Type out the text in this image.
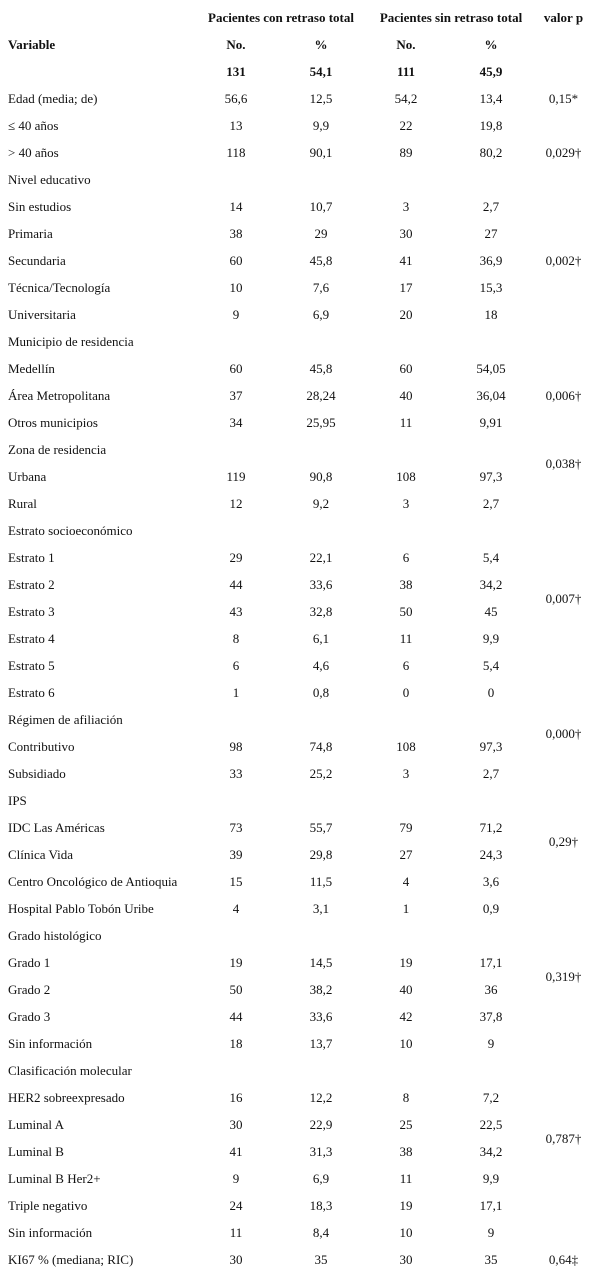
	Pacientes con retraso total		Pacientes sin retraso total		valor p
Variable	No.	%	No.	%	
	131	54,1	111	45,9	
Edad (media; de)	56,6	12,5	54,2	13,4	0,15*
≤ 40 años	13	9,9	22	19,8	
> 40 años	118	90,1	89	80,2	0,029†
Nivel educativo					
Sin estudios	14	10,7	3	2,7	
Primaria	38	29	30	27	
Secundaria	60	45,8	41	36,9	0,002†
Técnica/Tecnología	10	7,6	17	15,3	
Universitaria	9	6,9	20	18	
Municipio de residencia					
Medellín	60	45,8	60	54,05	
Área Metropolitana	37	28,24	40	36,04	0,006†
Otros municipios	34	25,95	11	9,91	
Zona de residencia					0,038†
Urbana	119	90,8	108	97,3	
Rural	12	9,2	3	2,7	
Estrato socioeconómico					0,007†
Estrato 1	29	22,1	6	5,4	
Estrato 2	44	33,6	38	34,2	
Estrato 3	43	32,8	50	45	
Estrato 4	8	6,1	11	9,9	
Estrato 5	6	4,6	6	5,4	
Estrato 6	1	0,8	0	0	
Régimen de afiliación					0,000†
Contributivo	98	74,8	108	97,3	
Subsidiado	33	25,2	3	2,7	
IPS					0,29†
IDC Las Américas	73	55,7	79	71,2	
Clínica Vida	39	29,8	27	24,3	
Centro Oncológico de Antioquia	15	11,5	4	3,6	
Hospital Pablo Tobón Uribe	4	3,1	1	0,9	
Grado histológico					0,319†
Grado 1	19	14,5	19	17,1	
Grado 2	50	38,2	40	36	
Grado 3	44	33,6	42	37,8	
Sin información	18	13,7	10	9	
Clasificación molecular					0,787†
HER2 sobreexpresado	16	12,2	8	7,2	
Luminal A	30	22,9	25	22,5	
Luminal B	41	31,3	38	34,2	
Luminal B Her2+	9	6,9	11	9,9	
Triple negativo	24	18,3	19	17,1	
Sin información	11	8,4	10	9	
KI67 % (mediana; RIC)	30	35	30	35	0,64‡
